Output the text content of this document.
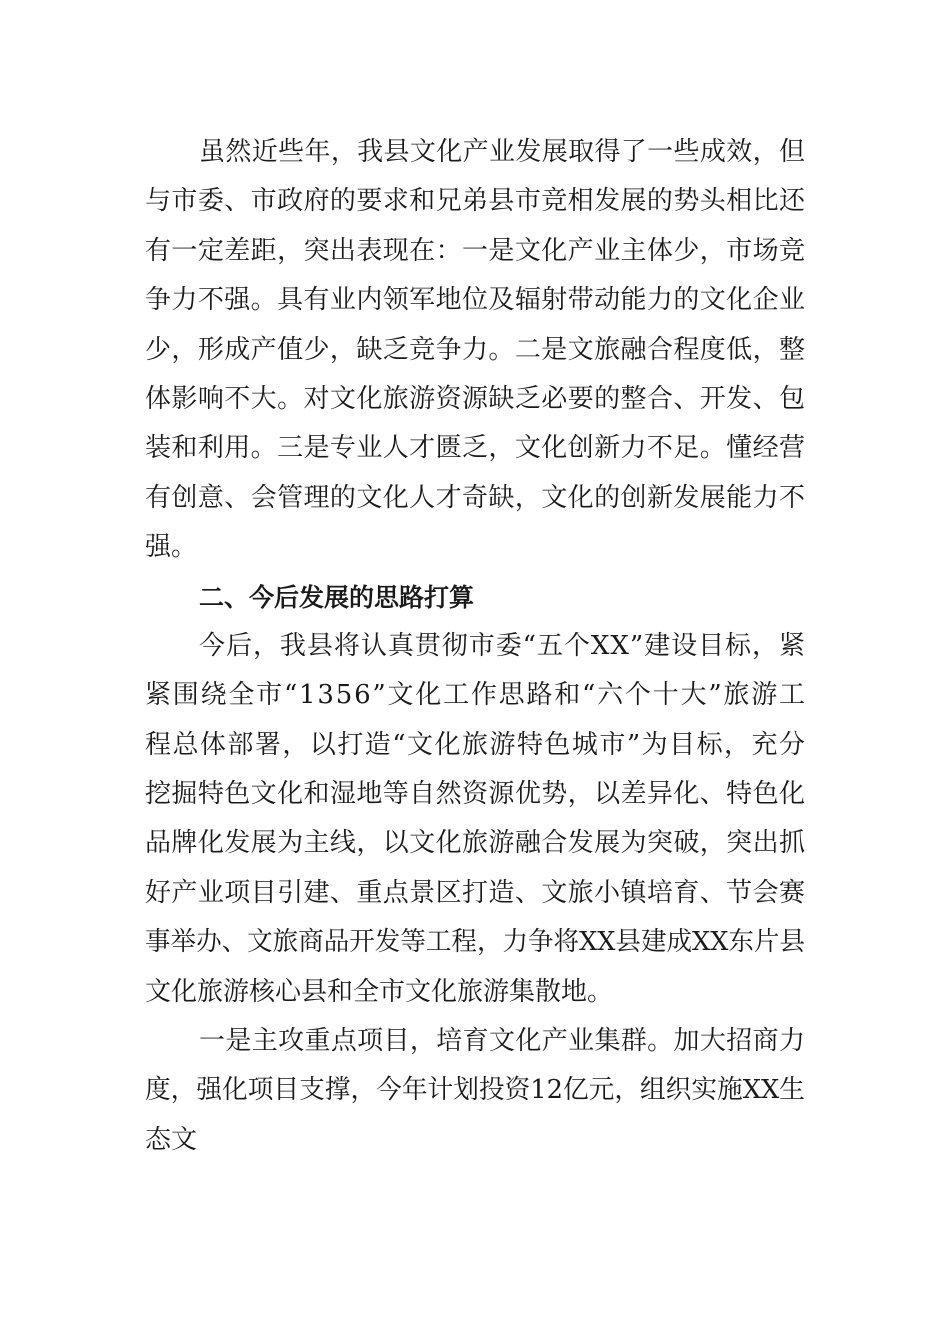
虽然近些年，我县文化产业发展取得了一些成效，但
与市委、市政府的要求和兄弟县市竞相发展的势头相比还
有一定差距，突出表现在：一是文化产业主体少，市场竞
争力不强。具有业内领军地位及辐射带动能力的文化企业
少，形成产值少，缺乏竞争力。二是文旅融合程度低，整
体影响不大。对文化旅游资源缺乏必要的整合、开发、包
装和利用。三是专业人才匮乏，文化创新力不足。懂经营
有创意、会管理的文化人才奇缺，文化的创新发展能力不
强。
二、今后发展的思路打算
今后，我县将认真贯彻市委“五个XX”建设目标，紧
紧围绕全市“1356”文化工作思路和“六个十大”旅游工
程总体部署，以打造“文化旅游特色城市”为目标，充分
挖掘特色文化和湿地等自然资源优势，以差异化、特色化
品牌化发展为主线，以文化旅游融合发展为突破，突出抓
好产业项目引建、重点景区打造、文旅小镇培育、节会赛
事举办、文旅商品开发等工程，力争将XX县建成XX东片县
文化旅游核心县和全市文化旅游集散地。
一是主攻重点项目，培育文化产业集群。加大招商力
度，强化项目支撑，今年计划投资12亿元，组织实施XX生
态文
